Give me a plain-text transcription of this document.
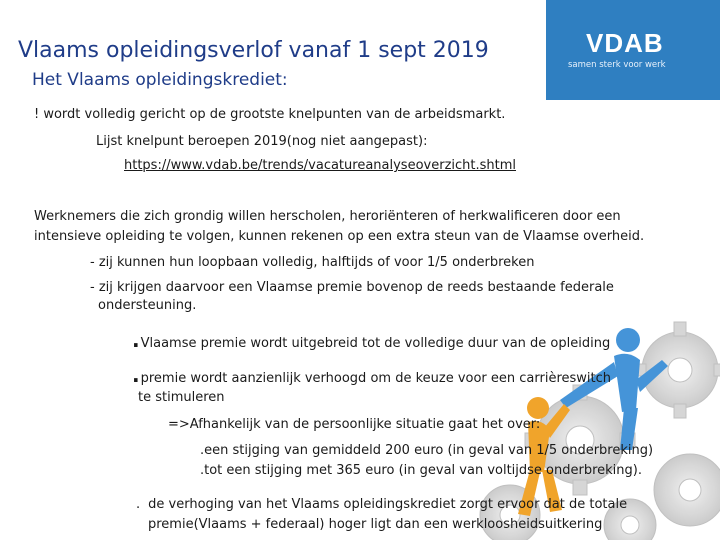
Vlaams opleidingsverlof vanaf 1 sept 2019
Het Vlaams opleidingskrediet:
VDAB
samen sterk voor werk
! wordt volledig gericht op de grootste knelpunten van de arbeidsmarkt.
Lijst knelpunt beroepen 2019(nog niet aangepast):
https://www.vdab.be/trends/vacatureanalyseoverzicht.shtml
Werknemers die zich grondig willen herscholen, heroriënteren of herkwalificeren door een
intensieve opleiding te volgen, kunnen rekenen op een extra steun van de Vlaamse overheid.
- zij kunnen hun loopbaan volledig, halftijds of voor 1/5 onderbreken
- zij krijgen daarvoor een Vlaamse premie bovenop de reeds bestaande federale
ondersteuning.
.Vlaamse premie wordt uitgebreid tot de volledige duur van de opleiding
.premie wordt aanzienlijk verhoogd om de keuze voor een carrièreswitch
te stimuleren
=>Afhankelijk van de persoonlijke situatie gaat het over:
.een stijging van gemiddeld 200 euro (in geval van 1/5 onderbreking)
.tot een stijging met 365 euro (in geval van voltijdse onderbreking).
. de verhoging van het Vlaams opleidingskrediet zorgt ervoor dat de totale
premie(Vlaams + federaal) hoger ligt dan een werkloosheidsuitkering
